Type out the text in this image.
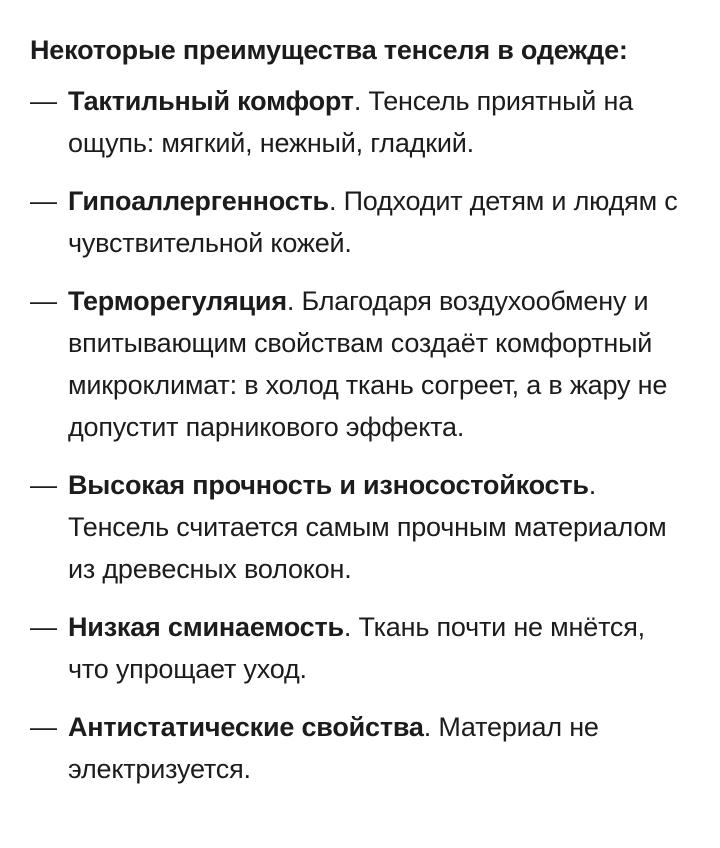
Некоторые преимущества тенселя в одежде:
— Тактильный комфорт. Тенсель приятный на ощупь: мягкий, нежный, гладкий.
— Гипоаллергенность. Подходит детям и людям с чувствительной кожей.
— Терморегуляция. Благодаря воздухообмену и впитывающим свойствам создаёт комфортный микроклимат: в холод ткань согреет, а в жару не допустит парникового эффекта.
— Высокая прочность и износостойкость. Тенсель считается самым прочным материалом из древесных волокон.
— Низкая сминаемость. Ткань почти не мнётся, что упрощает уход.
— Антистатические свойства. Материал не электризуется.
